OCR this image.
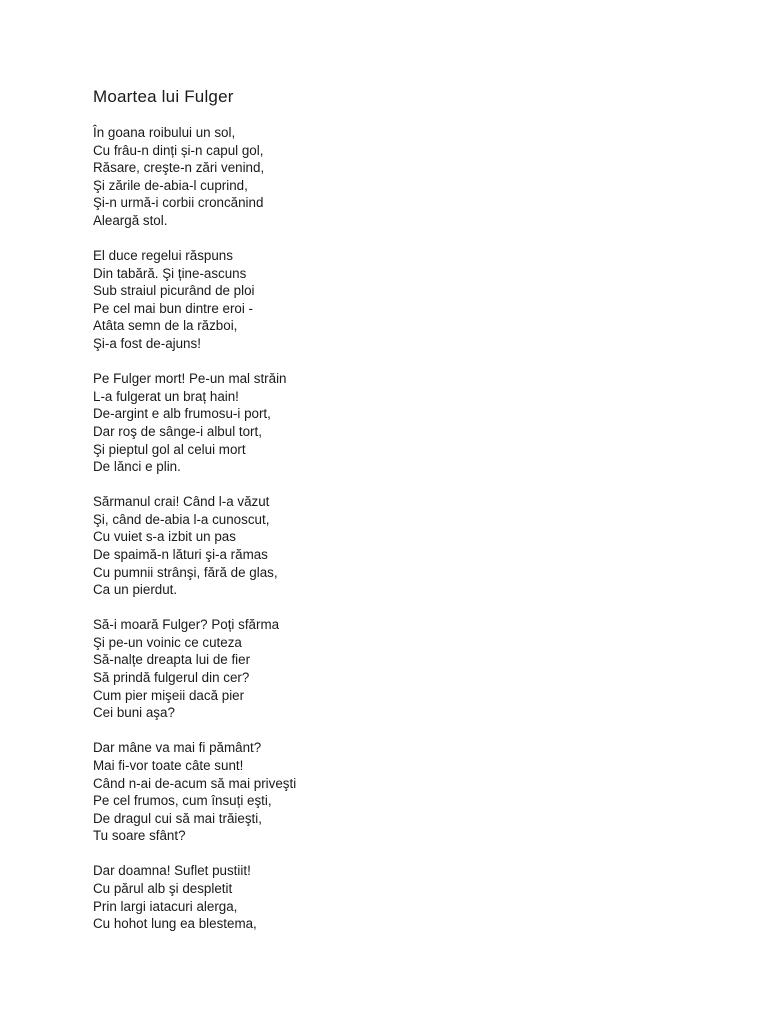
Moartea lui Fulger
În goana roibului un sol,
Cu frâu-n dinți și-n capul gol,
Răsare, creşte-n zări venind,
Şi zările de-abia-l cuprind,
Şi-n urmă-i corbii croncănind
Aleargă stol.
El duce regelui răspuns
Din tabără. Şi ține-ascuns
Sub straiul picurând de ploi
Pe cel mai bun dintre eroi -
Atâta semn de la război,
Şi-a fost de-ajuns!
Pe Fulger mort! Pe-un mal străin
L-a fulgerat un braț hain!
De-argint e alb frumosu-i port,
Dar roş de sânge-i albul tort,
Şi pieptul gol al celui mort
De lănci e plin.
Sărmanul crai! Când l-a văzut
Şi, când de-abia l-a cunoscut,
Cu vuiet s-a izbit un pas
De spaimă-n lături şi-a rămas
Cu pumnii strânşi, fără de glas,
Ca un pierdut.
Să-i moară Fulger? Poți sfărma
Şi pe-un voinic ce cuteza
Să-nalțe dreapta lui de fier
Să prindă fulgerul din cer?
Cum pier mişeii dacă pier
Cei buni aşa?
Dar mâne va mai fi pământ?
Mai fi-vor toate câte sunt!
Când n-ai de-acum să mai priveşti
Pe cel frumos, cum însuți eşti,
De dragul cui să mai trăieşti,
Tu soare sfânt?
Dar doamna! Suflet pustiit!
Cu părul alb şi despletit
Prin largi iatacuri alerga,
Cu hohot lung ea blestema,
